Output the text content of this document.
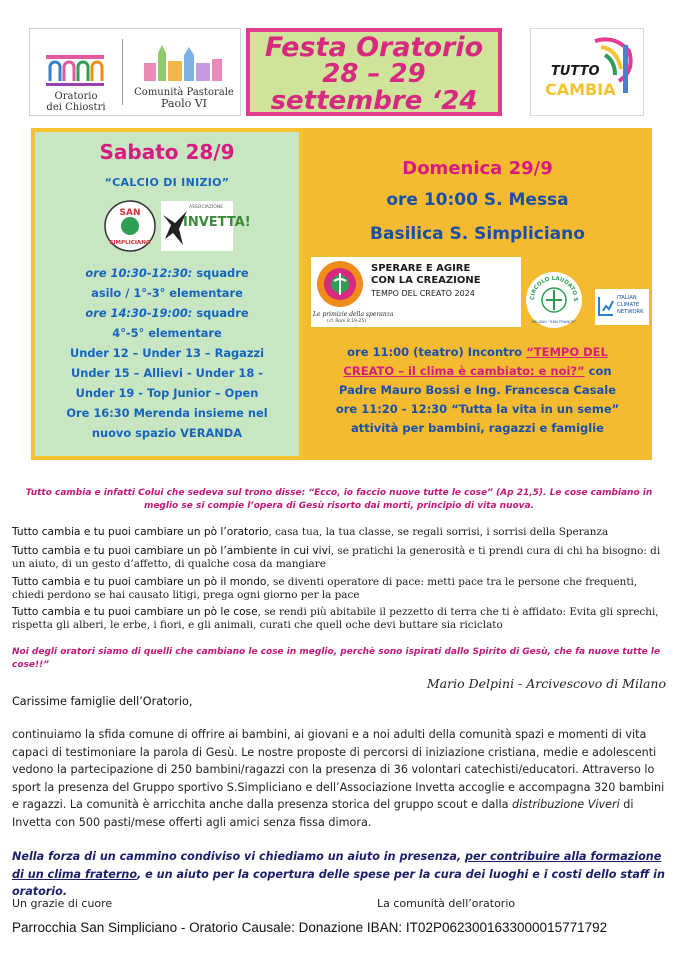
Oratorio
dei Chiostri
Comunità Pastorale
Paolo VI
Festa Oratorio
28 – 29
settembre ‘24
TUTTO
CAMBIA
Sabato 28/9
“CALCIO DI INIZIO”
SAN
SIMPLICIANO
ASSOCIAZIONE
INVETTA!
ore 10:30-12:30: squadre
asilo / 1°-3° elementare
ore 14:30-19:00: squadre
4°-5° elementare
Under 12 – Under 13 – Ragazzi
Under 15 – Allievi - Under 18 -
Under 19 - Top Junior – Open
Ore 16:30 Merenda insieme nel
nuovo spazio VERANDA
Domenica 29/9
ore 10:00 S. Messa
Basilica S. Simpliciano
SPERARE E AGIRE
CON LA CREAZIONE
TEMPO DEL CREATO 2024
Le primizie della speranza
(cf. Rom 8,19-25)
CIRCOLO LAUDATO S
MILANO "SAN FRANCE"
ITALIAN
CLIMATE
NETWORK
ore 11:00 (teatro) Incontro “TEMPO DEL
CREATO – il clima è cambiato: e noi?” con
Padre Mauro Bossi e Ing. Francesca Casale
ore 11:20 - 12:30 “Tutta la vita in un seme”
attività per bambini, ragazzi e famiglie
Tutto cambia e infatti Colui che sedeva sul trono disse: “Ecco, io faccio nuove tutte le cose” (Ap 21,5). Le cose cambiano in meglio se si compie l’opera di Gesù risorto dai morti, principio di vita nuova.
Tutto cambia e tu puoi cambiare un pò l’oratorio, casa tua, la tua classe, se regali sorrisi, i sorrisi della Speranza
Tutto cambia e tu puoi cambiare un pò l’ambiente in cui vivi, se pratichi la generosità e ti prendi cura di chi ha bisogno: di un aiuto, di un gesto d’affetto, di qualche cosa da mangiare
Tutto cambia e tu puoi cambiare un pò il mondo, se diventi operatore di pace: metti pace tra le persone che frequenti, chiedi perdono se hai causato litigi, prega ogni giorno per la pace
Tutto cambia e tu puoi cambiare un pò le cose, se rendi più abitabile il pezzetto di terra che ti è affidato: Evita gli sprechi, rispetta gli alberi, le erbe, i fiori, e gli animali, curati che quell oche devi buttare sia riciclato
Noi degli oratori siamo di quelli che cambiano le cose in meglio, perchè sono ispirati dallo Spirito di Gesù, che fa nuove tutte le cose!!”
Mario Delpini - Arcivescovo di Milano
Carissime famiglie dell’Oratorio,
continuiamo la sfida comune di offrire ai bambini, ai giovani e a noi adulti della comunità spazi e momenti di vita capaci di testimoniare la parola di Gesù. Le nostre proposte di percorsi di iniziazione cristiana, medie e adolescenti vedono la partecipazione di 250 bambini/ragazzi con la presenza di 36 volontari catechisti/educatori. Attraverso lo sport la presenza del Gruppo sportivo S.Simpliciano e dell’Associazione Invetta accoglie e accompagna 320 bambini e ragazzi. La comunità è arricchita anche dalla presenza storica del gruppo scout e dalla distribuzione Viveri di Invetta con 500 pasti/mese offerti agli amici senza fissa dimora.
Nella forza di un cammino condiviso vi chiediamo un aiuto in presenza, per contribuire alla formazione di un clima fraterno, e un aiuto per la copertura delle spese per la cura dei luoghi e i costi dello staff in oratorio.
Un grazie di cuore	La comunità dell’oratorio
Parrocchia San Simpliciano - Oratorio Causale: Donazione IBAN: IT02P0623001633000015771792
